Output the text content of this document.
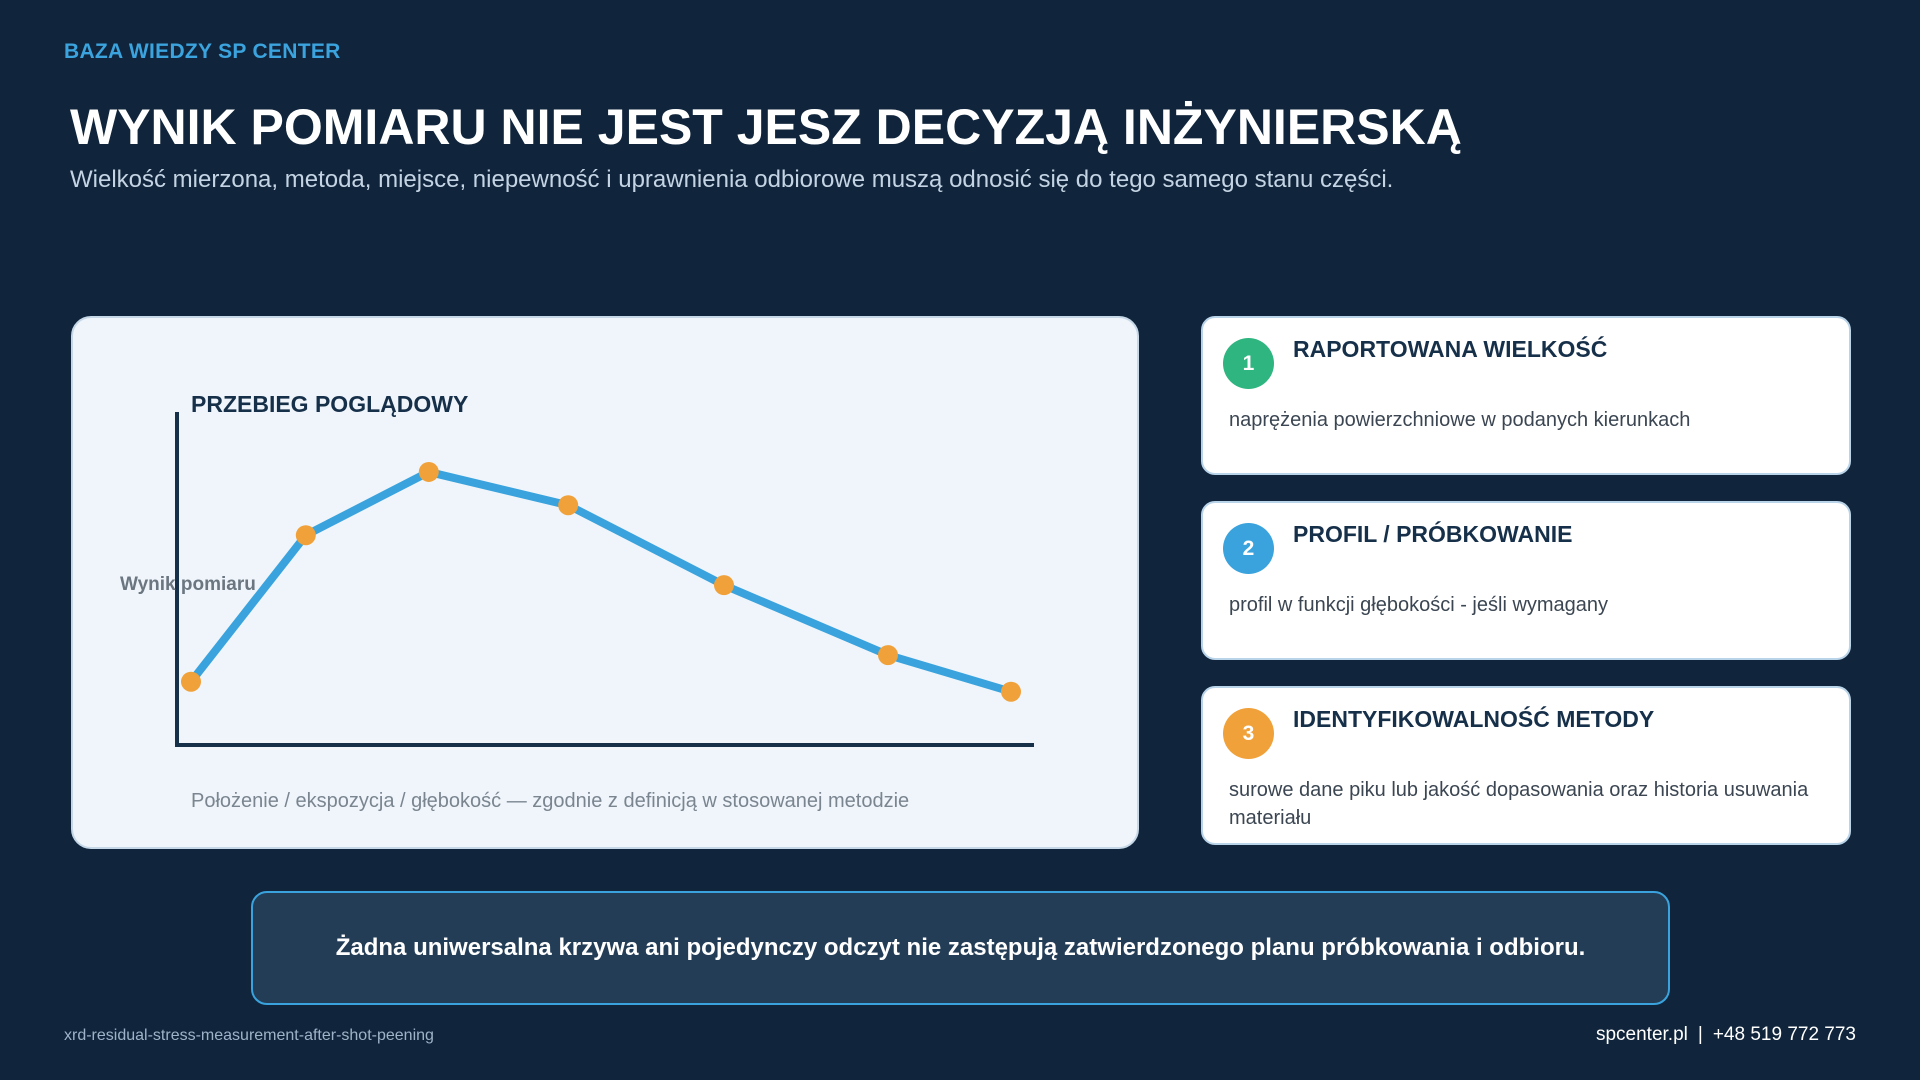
BAZA WIEDZY SP CENTER
WYNIK POMIARU NIE JEST JESZ DECYZJĄ INŻYNIERSKĄ
Wielkość mierzona, metoda, miejsce, niepewność i uprawnienia odbiorowe muszą odnosić się do tego samego stanu części.
PRZEBIEG POGLĄDOWY
Wynik pomiaru
Położenie / ekspozycja / głębokość — zgodnie z definicją w stosowanej metodzie
1
RAPORTOWANA WIELKOŚĆ
naprężenia powierzchniowe w podanych kierunkach
2
PROFIL / PRÓBKOWANIE
profil w funkcji głębokości - jeśli wymagany
3
IDENTYFIKOWALNOŚĆ METODY
surowe dane piku lub jakość dopasowania oraz historia usuwania materiału
Żadna uniwersalna krzywa ani pojedynczy odczyt nie zastępują zatwierdzonego planu próbkowania i odbioru.
xrd-residual-stress-measurement-after-shot-peening	spcenter.pl | +48 519 772 773
